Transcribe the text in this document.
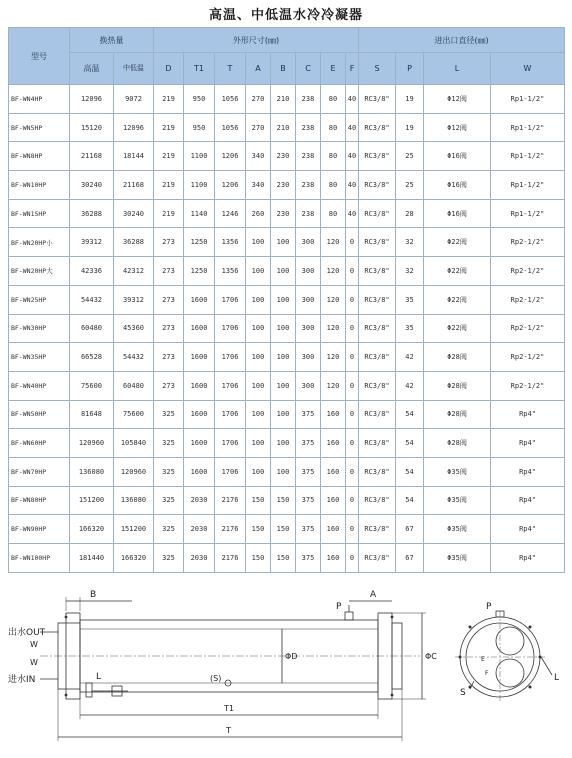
高温、中低温水冷冷凝器
型号	换热量		外形尺寸(㎜)								进出口直径(㎜)			
	高温	中低温	D	T1	T	A	B	C	E	F	S	P	L	W
BF-WN4HP	12096	9072	219	950	1056	270	210	238	80	40	RC3/8"	19	Φ12阀	Rp1-1/2"
BF-WN5HP	15120	12096	219	950	1056	270	210	238	80	40	RC3/8"	19	Φ12阀	Rp1-1/2"
BF-WN8HP	21168	18144	219	1100	1206	340	230	238	80	40	RC3/8"	25	Φ16阀	Rp1-1/2"
BF-WN10HP	30240	21168	219	1100	1206	340	230	238	80	40	RC3/8"	25	Φ16阀	Rp1-1/2"
BF-WN15HP	36288	30240	219	1140	1246	260	230	238	80	40	RC3/8"	28	Φ16阀	Rp1-1/2"
BF-WN20HP小	39312	36288	273	1250	1356	100	100	300	120	0	RC3/8"	32	Φ22阀	Rp2-1/2"
BF-WN20HP大	42336	42312	273	1250	1356	100	100	300	120	0	RC3/8"	32	Φ22阀	Rp2-1/2"
BF-WN25HP	54432	39312	273	1600	1706	100	100	300	120	0	RC3/8"	35	Φ22阀	Rp2-1/2"
BF-WN30HP	60480	45360	273	1600	1706	100	100	300	120	0	RC3/8"	35	Φ22阀	Rp2-1/2"
BF-WN35HP	66528	54432	273	1600	1706	100	100	300	120	0	RC3/8"	42	Φ28阀	Rp2-1/2"
BF-WN40HP	75600	60480	273	1600	1706	100	100	300	120	0	RC3/8"	42	Φ28阀	Rp2-1/2"
BF-WN50HP	81648	75600	325	1600	1706	100	100	375	160	0	RC3/8"	54	Φ28阀	Rp4"
BF-WN60HP	120960	105840	325	1600	1706	100	100	375	160	0	RC3/8"	54	Φ28阀	Rp4"
BF-WN70HP	136080	120960	325	1600	1706	100	100	375	160	0	RC3/8"	54	Φ35阀	Rp4"
BF-WN80HP	151200	136080	325	2030	2176	150	150	375	160	0	RC3/8"	54	Φ35阀	Rp4"
BF-WN90HP	166320	151200	325	2030	2176	150	150	375	160	0	RC3/8"	67	Φ35阀	Rp4"
BF-WN100HP	181440	166320	325	2030	2176	150	150	375	160	0	RC3/8"	67	Φ35阀	Rp4"
B	A
P
出水OUT
W
W
进水IN	L	(S)
ΦD	ΦC
T1
T
P
E
F
S
L
